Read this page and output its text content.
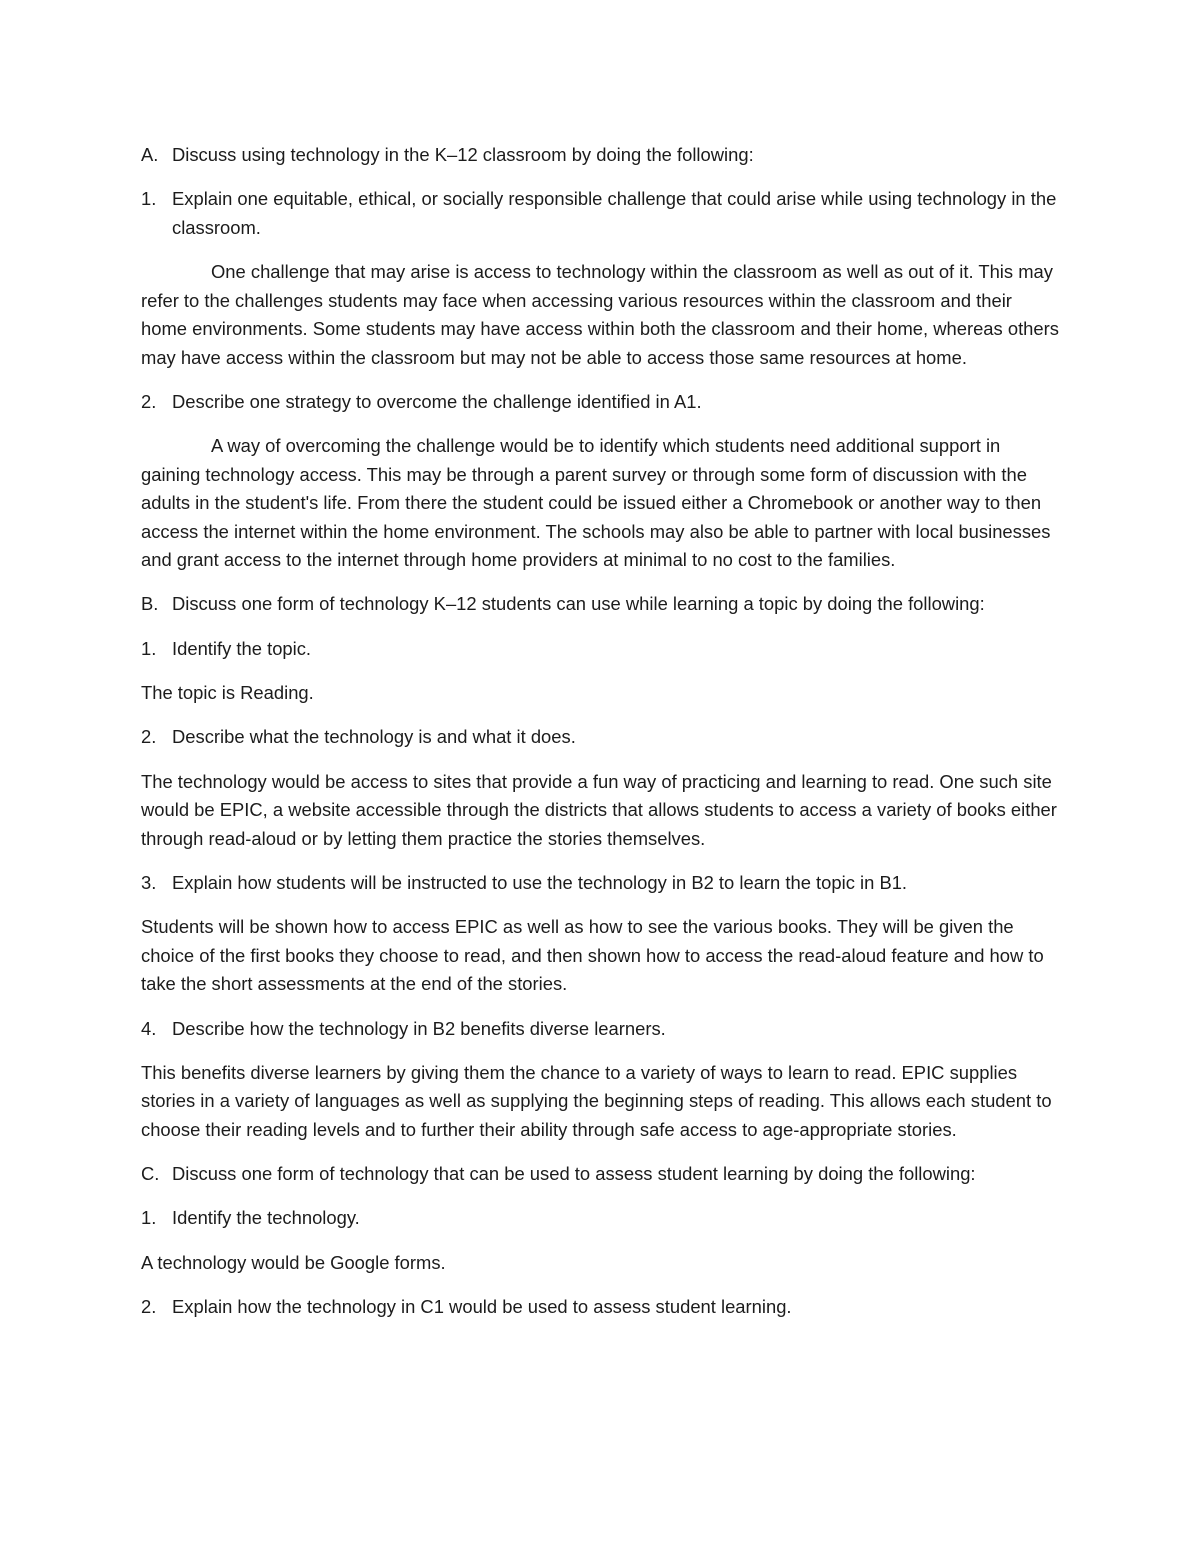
A. Discuss using technology in the K–12 classroom by doing the following:
1. Explain one equitable, ethical, or socially responsible challenge that could arise while using technology in the classroom.

One challenge that may arise is access to technology within the classroom as well as out of it. This may refer to the challenges students may face when accessing various resources within the classroom and their home environments. Some students may have access within both the classroom and their home, whereas others may have access within the classroom but may not be able to access those same resources at home.

2. Describe one strategy to overcome the challenge identified in A1.

A way of overcoming the challenge would be to identify which students need additional support in gaining technology access. This may be through a parent survey or through some form of discussion with the adults in the student's life. From there the student could be issued either a Chromebook or another way to then access the internet within the home environment. The schools may also be able to partner with local businesses and grant access to the internet through home providers at minimal to no cost to the families.

B. Discuss one form of technology K–12 students can use while learning a topic by doing the following:
1. Identify the topic.

The topic is Reading.

2. Describe what the technology is and what it does.

The technology would be access to sites that provide a fun way of practicing and learning to read. One such site would be EPIC, a website accessible through the districts that allows students to access a variety of books either through read-aloud or by letting them practice the stories themselves.

3. Explain how students will be instructed to use the technology in B2 to learn the topic in B1.

Students will be shown how to access EPIC as well as how to see the various books. They will be given the choice of the first books they choose to read, and then shown how to access the read-aloud feature and how to take the short assessments at the end of the stories.

4. Describe how the technology in B2 benefits diverse learners.

This benefits diverse learners by giving them the chance to a variety of ways to learn to read. EPIC supplies stories in a variety of languages as well as supplying the beginning steps of reading. This allows each student to choose their reading levels and to further their ability through safe access to age-appropriate stories.

C. Discuss one form of technology that can be used to assess student learning by doing the following:
1. Identify the technology.

A technology would be Google forms.

2. Explain how the technology in C1 would be used to assess student learning.
